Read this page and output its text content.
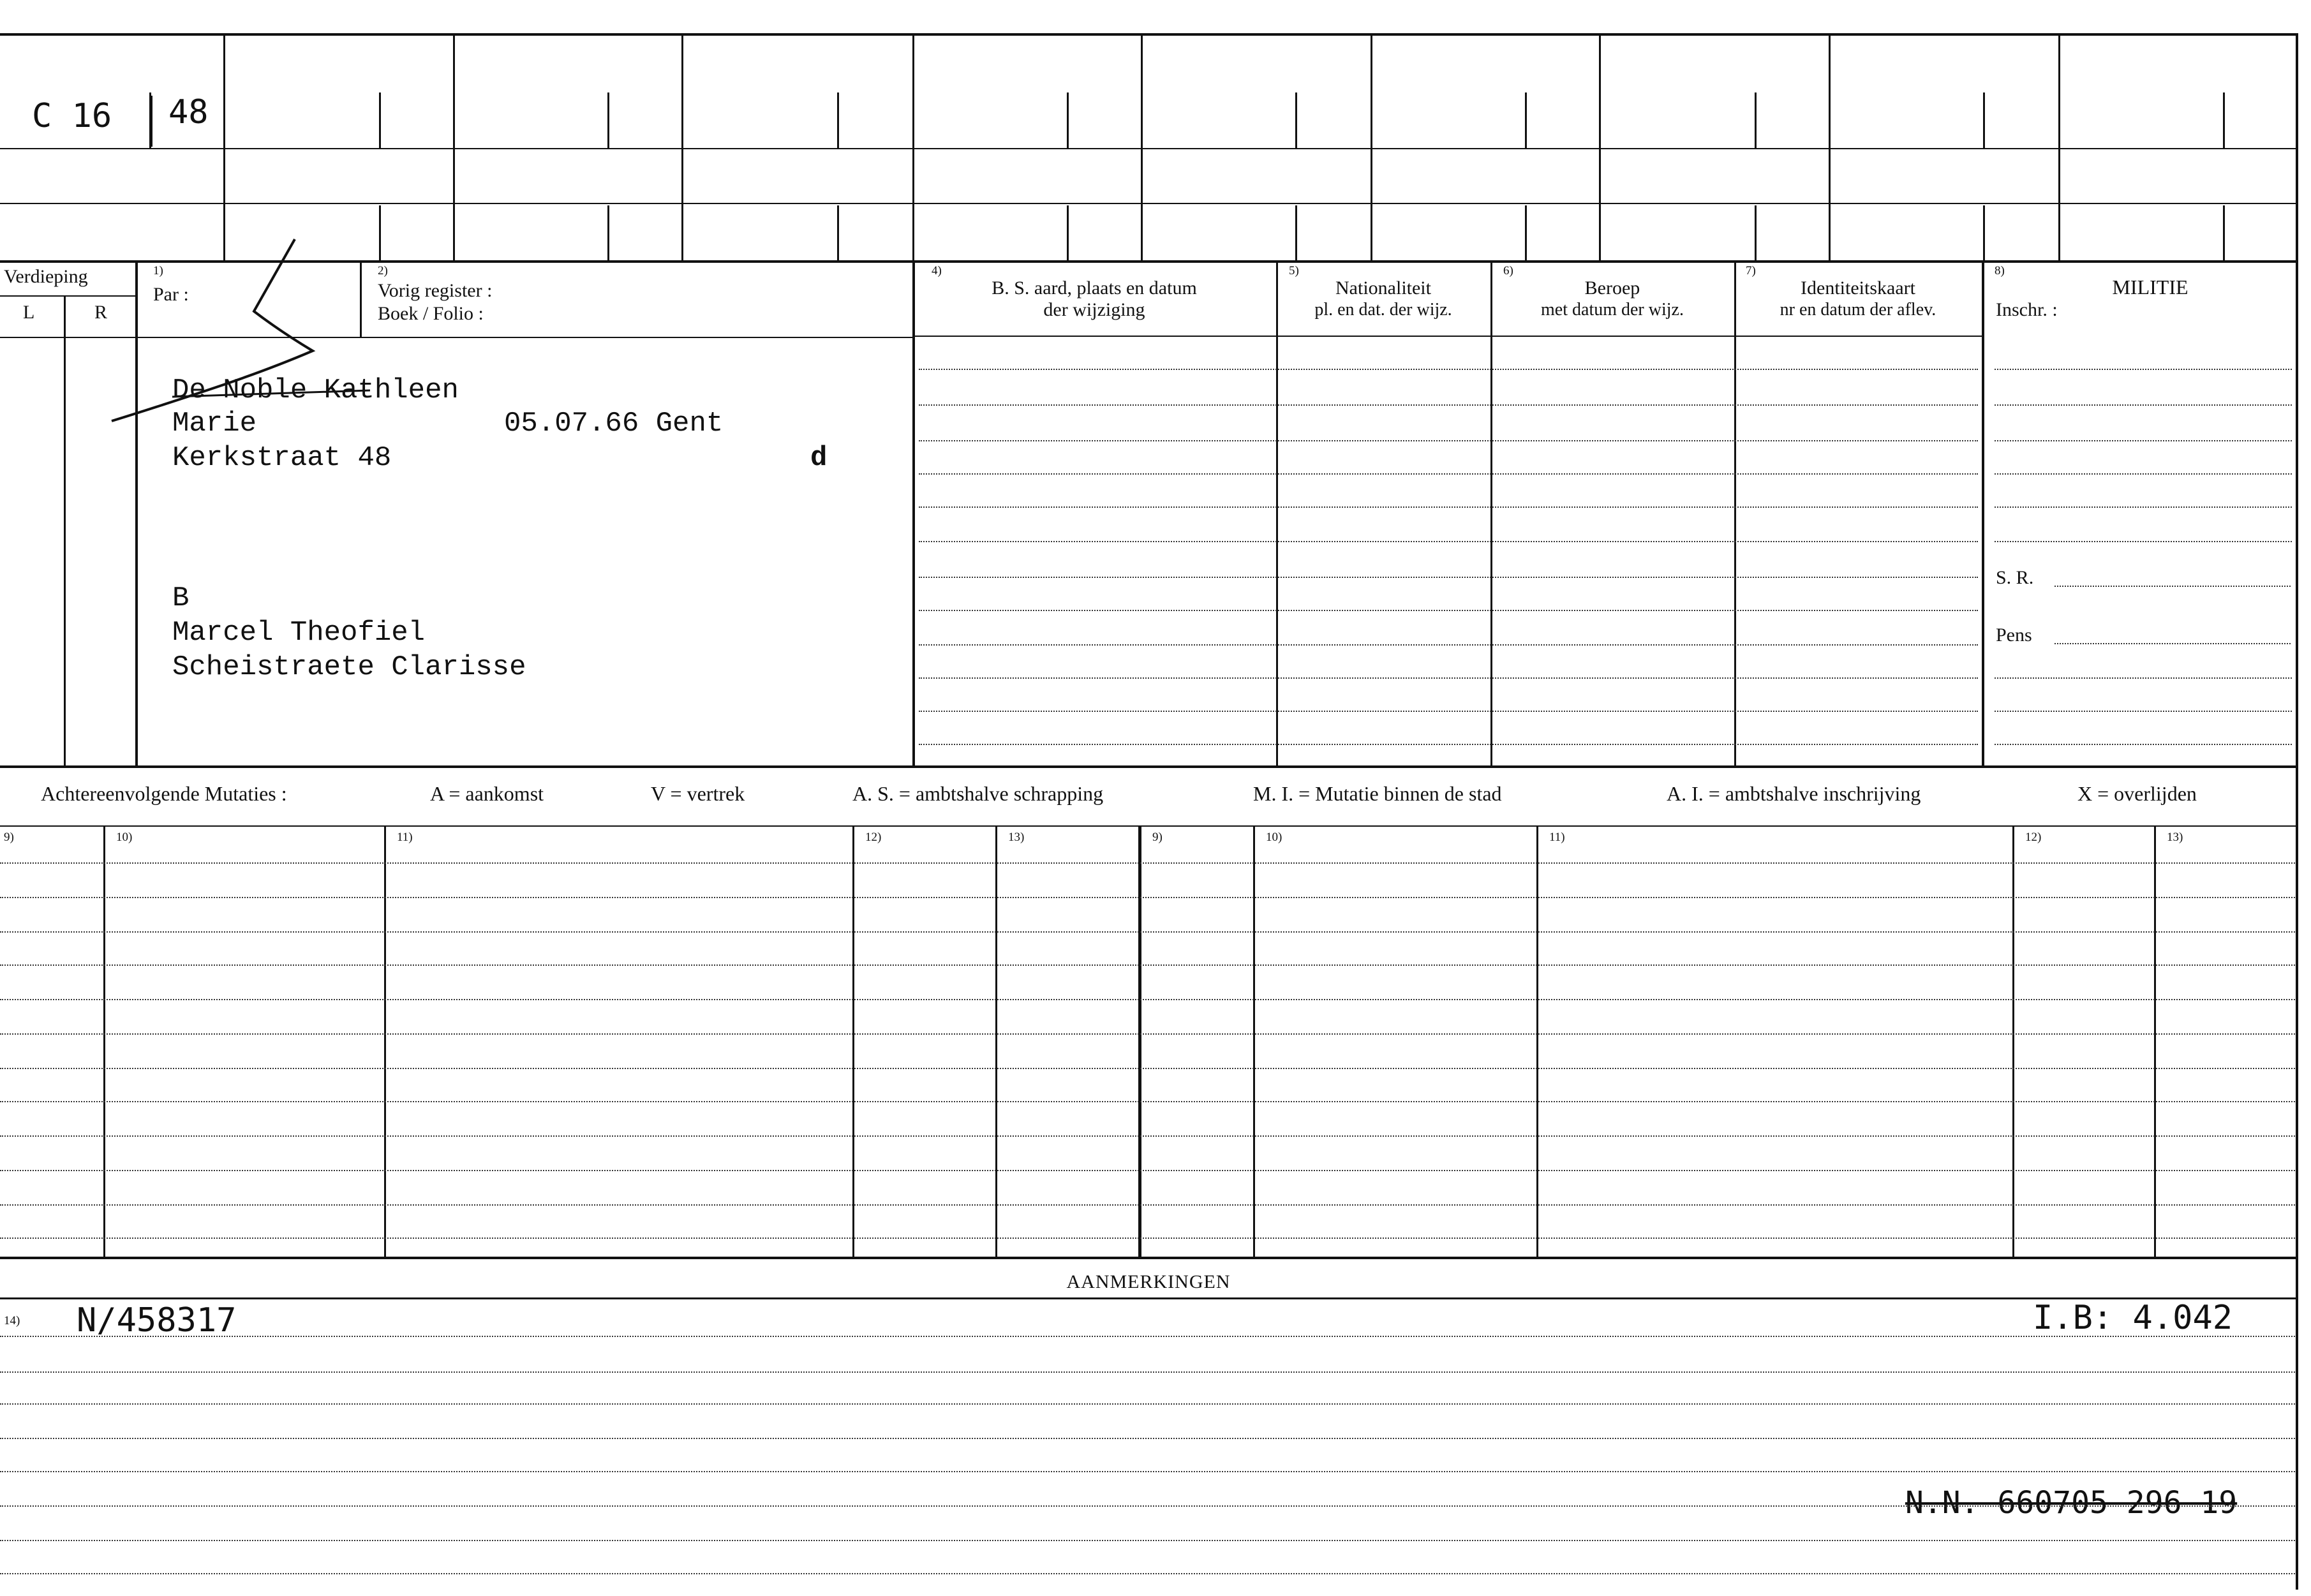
C 16 48
Verdieping
L	R
1)
Par :
2)
Vorig register :
Boek / Folio :
De Noble Kathleen
Marie	05.07.66 Gent
Kerkstraat 48	d
B
Marcel Theofiel
Scheistraete Clarisse
4)
B. S. aard, plaats en datum
der wijziging
5)
Nationaliteit
pl. en dat. der wijz.
6)
Beroep
met datum der wijz.
7)
Identiteitskaart
nr en datum der aflev.
8)
MILITIE
Inschr. :
S. R.
Pens
Achtereenvolgende Mutaties :	A = aankomst	V = vertrek	A. S. = ambtshalve schrapping	M. I. = Mutatie binnen de stad	A. I. = ambtshalve inschrijving	X = overlijden
9)	10)	11)	12)	13)	9)	10)	11)	12)	13)
AANMERKINGEN
14) N/458317	I.B: 4.042
N.N. 660705 296 19
